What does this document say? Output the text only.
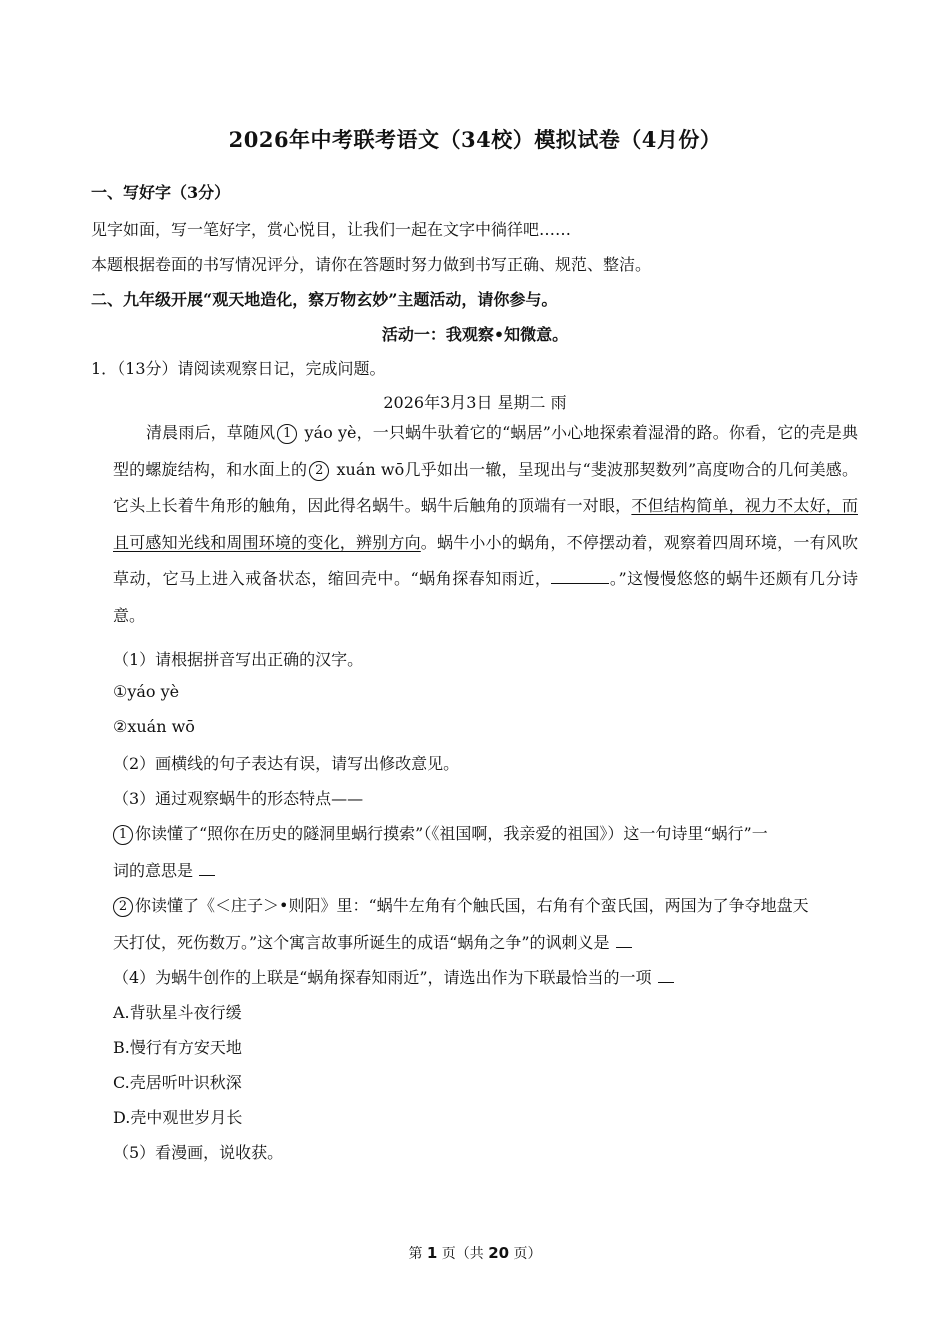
2026年中考联考语文（34校）模拟试卷（4月份）
一、写好字（3分）
见字如面，写一笔好字，赏心悦目，让我们一起在文字中徜徉吧……
本题根据卷面的书写情况评分，请你在答题时努力做到书写正确、规范、整洁。
二、九年级开展“观天地造化，察万物玄妙”主题活动，请你参与。
活动一：我观察•知微意。
1．（13分）请阅读观察日记，完成问题。
2026年3月3日 星期二 雨
清晨雨后，草随风 1 yáo yè，一只蜗牛驮着它的“蜗居”小心地探索着湿滑的路。你看，它的壳是典型的螺旋结构，和水面上的 2 xuán wō几乎如出一辙，呈现出与“斐波那契数列”高度吻合的几何美感。它头上长着牛角形的触角，因此得名蜗牛。蜗牛后触角的顶端有一对眼，不但结构简单，视力不太好，而且可感知光线和周围环境的变化，辨别方向。蜗牛小小的蜗角，不停摆动着，观察着四周环境，一有风吹草动，它马上进入戒备状态，缩回壳中。“蜗角探春知雨近，	。”这慢慢悠悠的蜗牛还颇有几分诗意。
（1）请根据拼音写出正确的汉字。
①yáo yè
②xuán wō
（2）画横线的句子表达有误，请写出修改意见。
（3）通过观察蜗牛的形态特点——
1 你读懂了“照你在历史的隧洞里蜗行摸索”（《祖国啊，我亲爱的祖国》）这一句诗里“蜗行”一
词的意思是
2 你读懂了《＜庄子＞•则阳》里：“蜗牛左角有个触氏国，右角有个蛮氏国，两国为了争夺地盘天
天打仗，死伤数万。”这个寓言故事所诞生的成语“蜗角之争”的讽刺义是
（4）为蜗牛创作的上联是“蜗角探春知雨近”，请选出作为下联最恰当的一项
A.背驮星斗夜行缓
B.慢行有方安天地
C.壳居听叶识秋深
D.壳中观世岁月长
（5）看漫画，说收获。
第 1 页（共 20 页）
